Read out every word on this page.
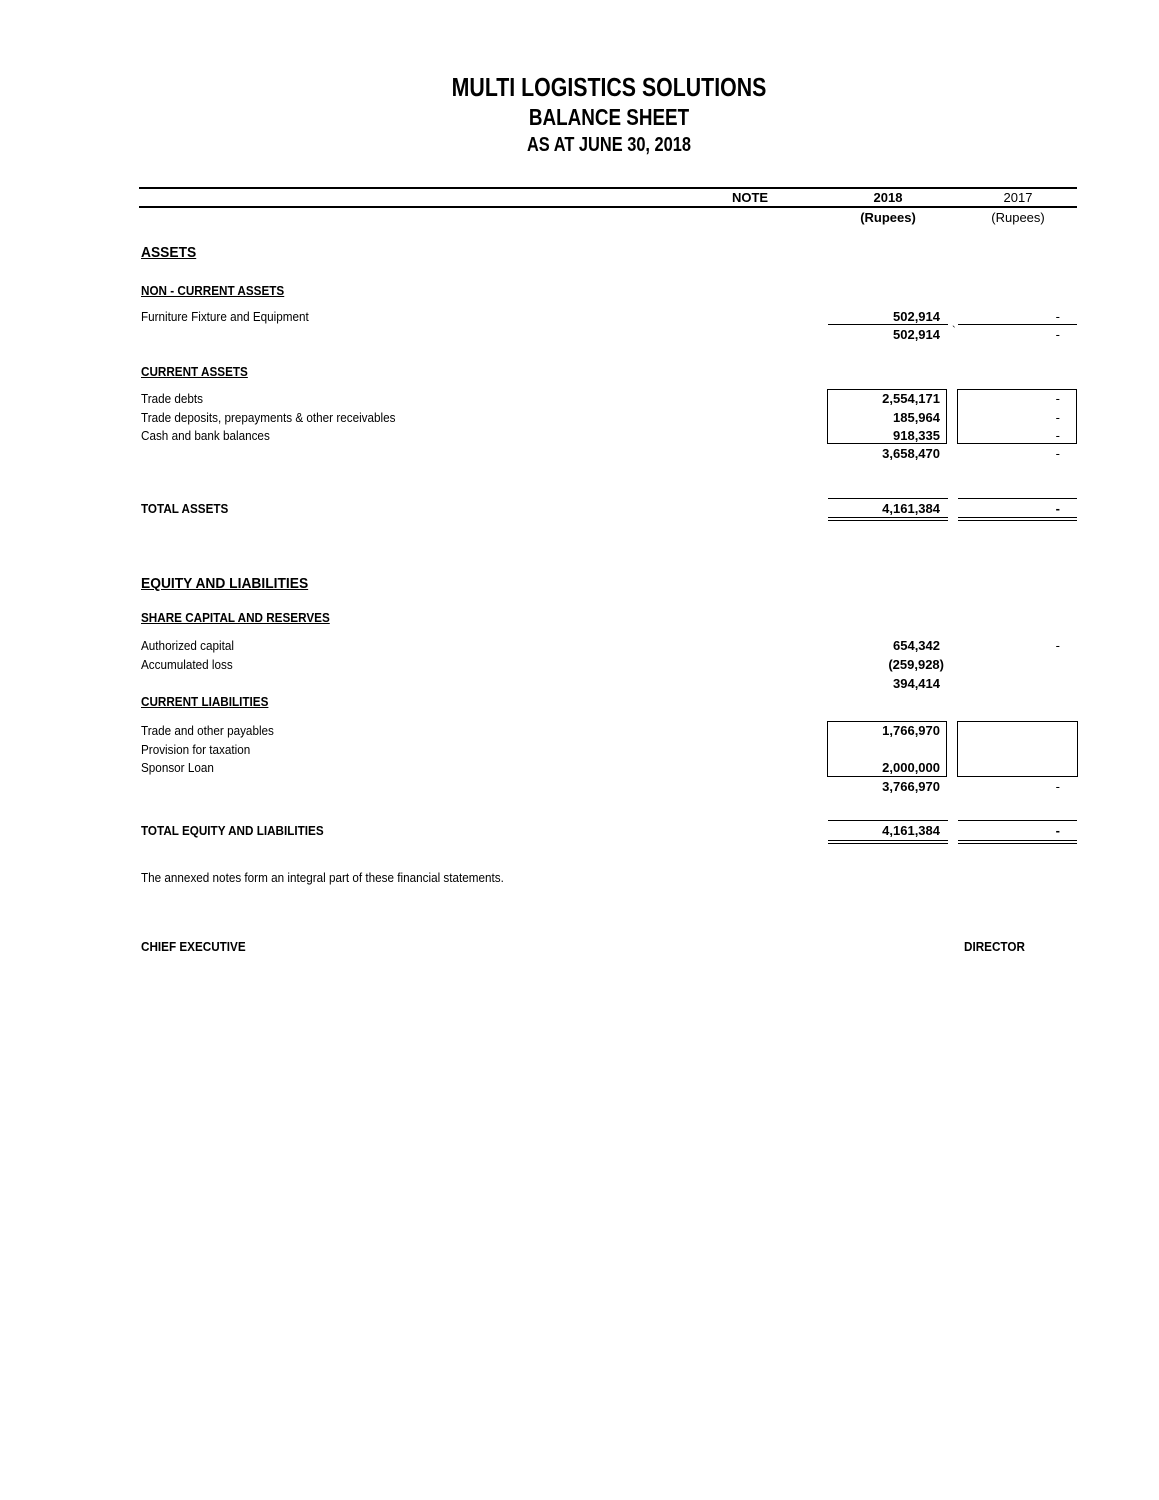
MULTI LOGISTICS SOLUTIONS
BALANCE SHEET
AS AT JUNE 30, 2018
NOTE	2018	2017
(Rupees)	(Rupees)
ASSETS
NON - CURRENT ASSETS
Furniture Fixture and Equipment	502,914	-
502,914 `	-
CURRENT ASSETS
Trade debts	2,554,171	-
Trade deposits, prepayments & other receivables	185,964	-
Cash and bank balances	918,335	-
3,658,470	-
TOTAL ASSETS	4,161,384	-
EQUITY AND LIABILITIES
SHARE CAPITAL AND RESERVES
Authorized capital	654,342	-
Accumulated loss	(259,928)
394,414
CURRENT LIABILITIES
Trade and other payables	1,766,970
Provision for taxation
Sponsor Loan	2,000,000
3,766,970	-
TOTAL EQUITY AND LIABILITIES	4,161,384	-
The annexed notes form an integral part of these financial statements.
CHIEF EXECUTIVE	DIRECTOR
